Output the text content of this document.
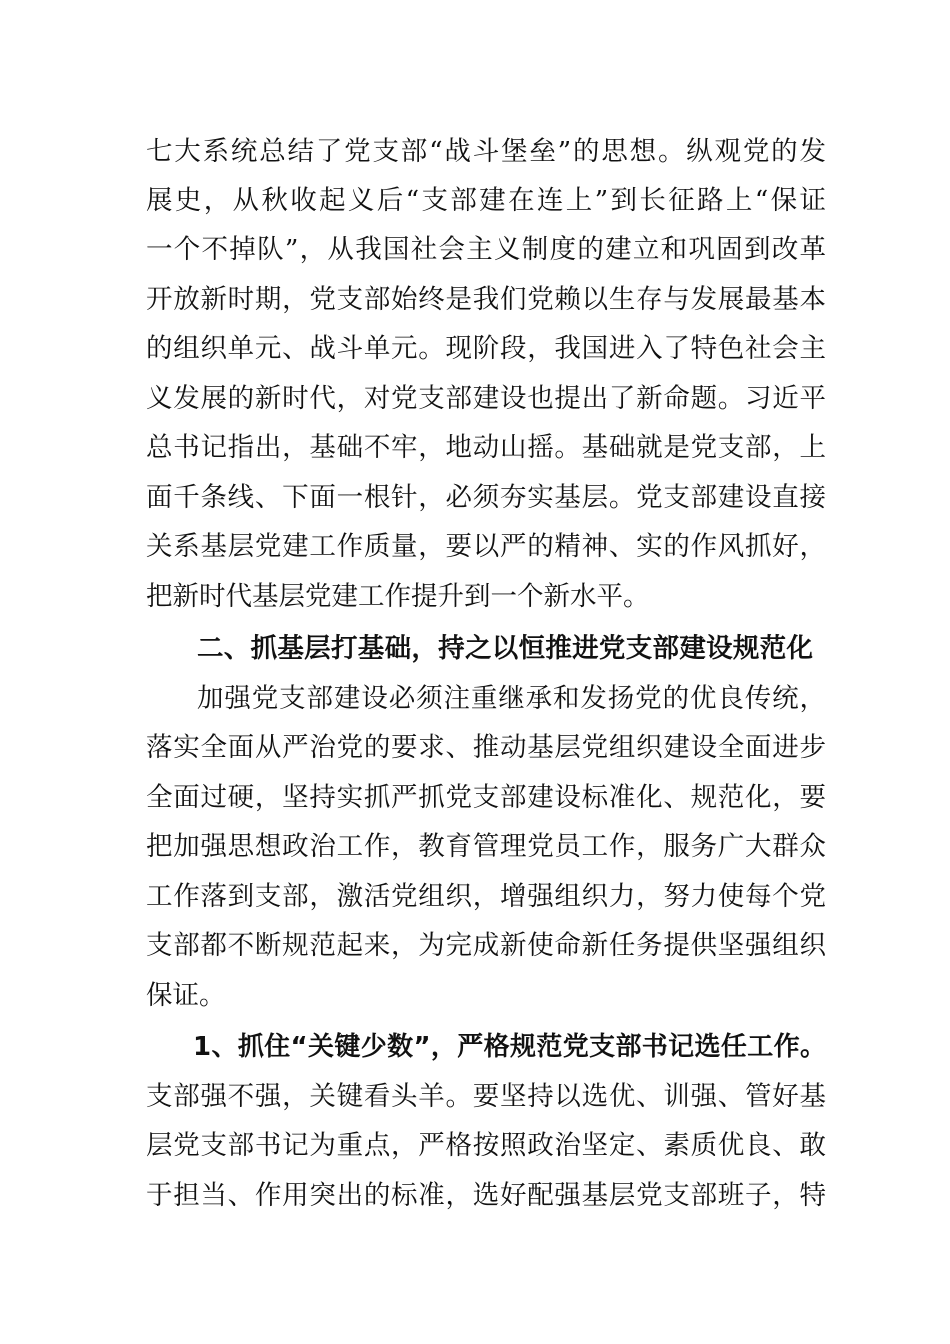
七大系统总结了党支部“战斗堡垒”的思想。纵观党的发
展史，从秋收起义后“支部建在连上”到长征路上“保证
一个不掉队”，从我国社会主义制度的建立和巩固到改革
开放新时期，党支部始终是我们党赖以生存与发展最基本
的组织单元、战斗单元。现阶段，我国进入了特色社会主
义发展的新时代，对党支部建设也提出了新命题。习近平
总书记指出，基础不牢，地动山摇。基础就是党支部，上
面千条线、下面一根针，必须夯实基层。党支部建设直接
关系基层党建工作质量，要以严的精神、实的作风抓好，
把新时代基层党建工作提升到一个新水平。
二、抓基层打基础，持之以恒推进党支部建设规范化
加强党支部建设必须注重继承和发扬党的优良传统，
落实全面从严治党的要求、推动基层党组织建设全面进步
全面过硬，坚持实抓严抓党支部建设标准化、规范化，要
把加强思想政治工作，教育管理党员工作，服务广大群众
工作落到支部，激活党组织，增强组织力，努力使每个党
支部都不断规范起来，为完成新使命新任务提供坚强组织
保证。
1、抓住“关键少数”，严格规范党支部书记选任工作。
支部强不强，关键看头羊。要坚持以选优、训强、管好基
层党支部书记为重点，严格按照政治坚定、素质优良、敢
于担当、作用突出的标准，选好配强基层党支部班子，特
